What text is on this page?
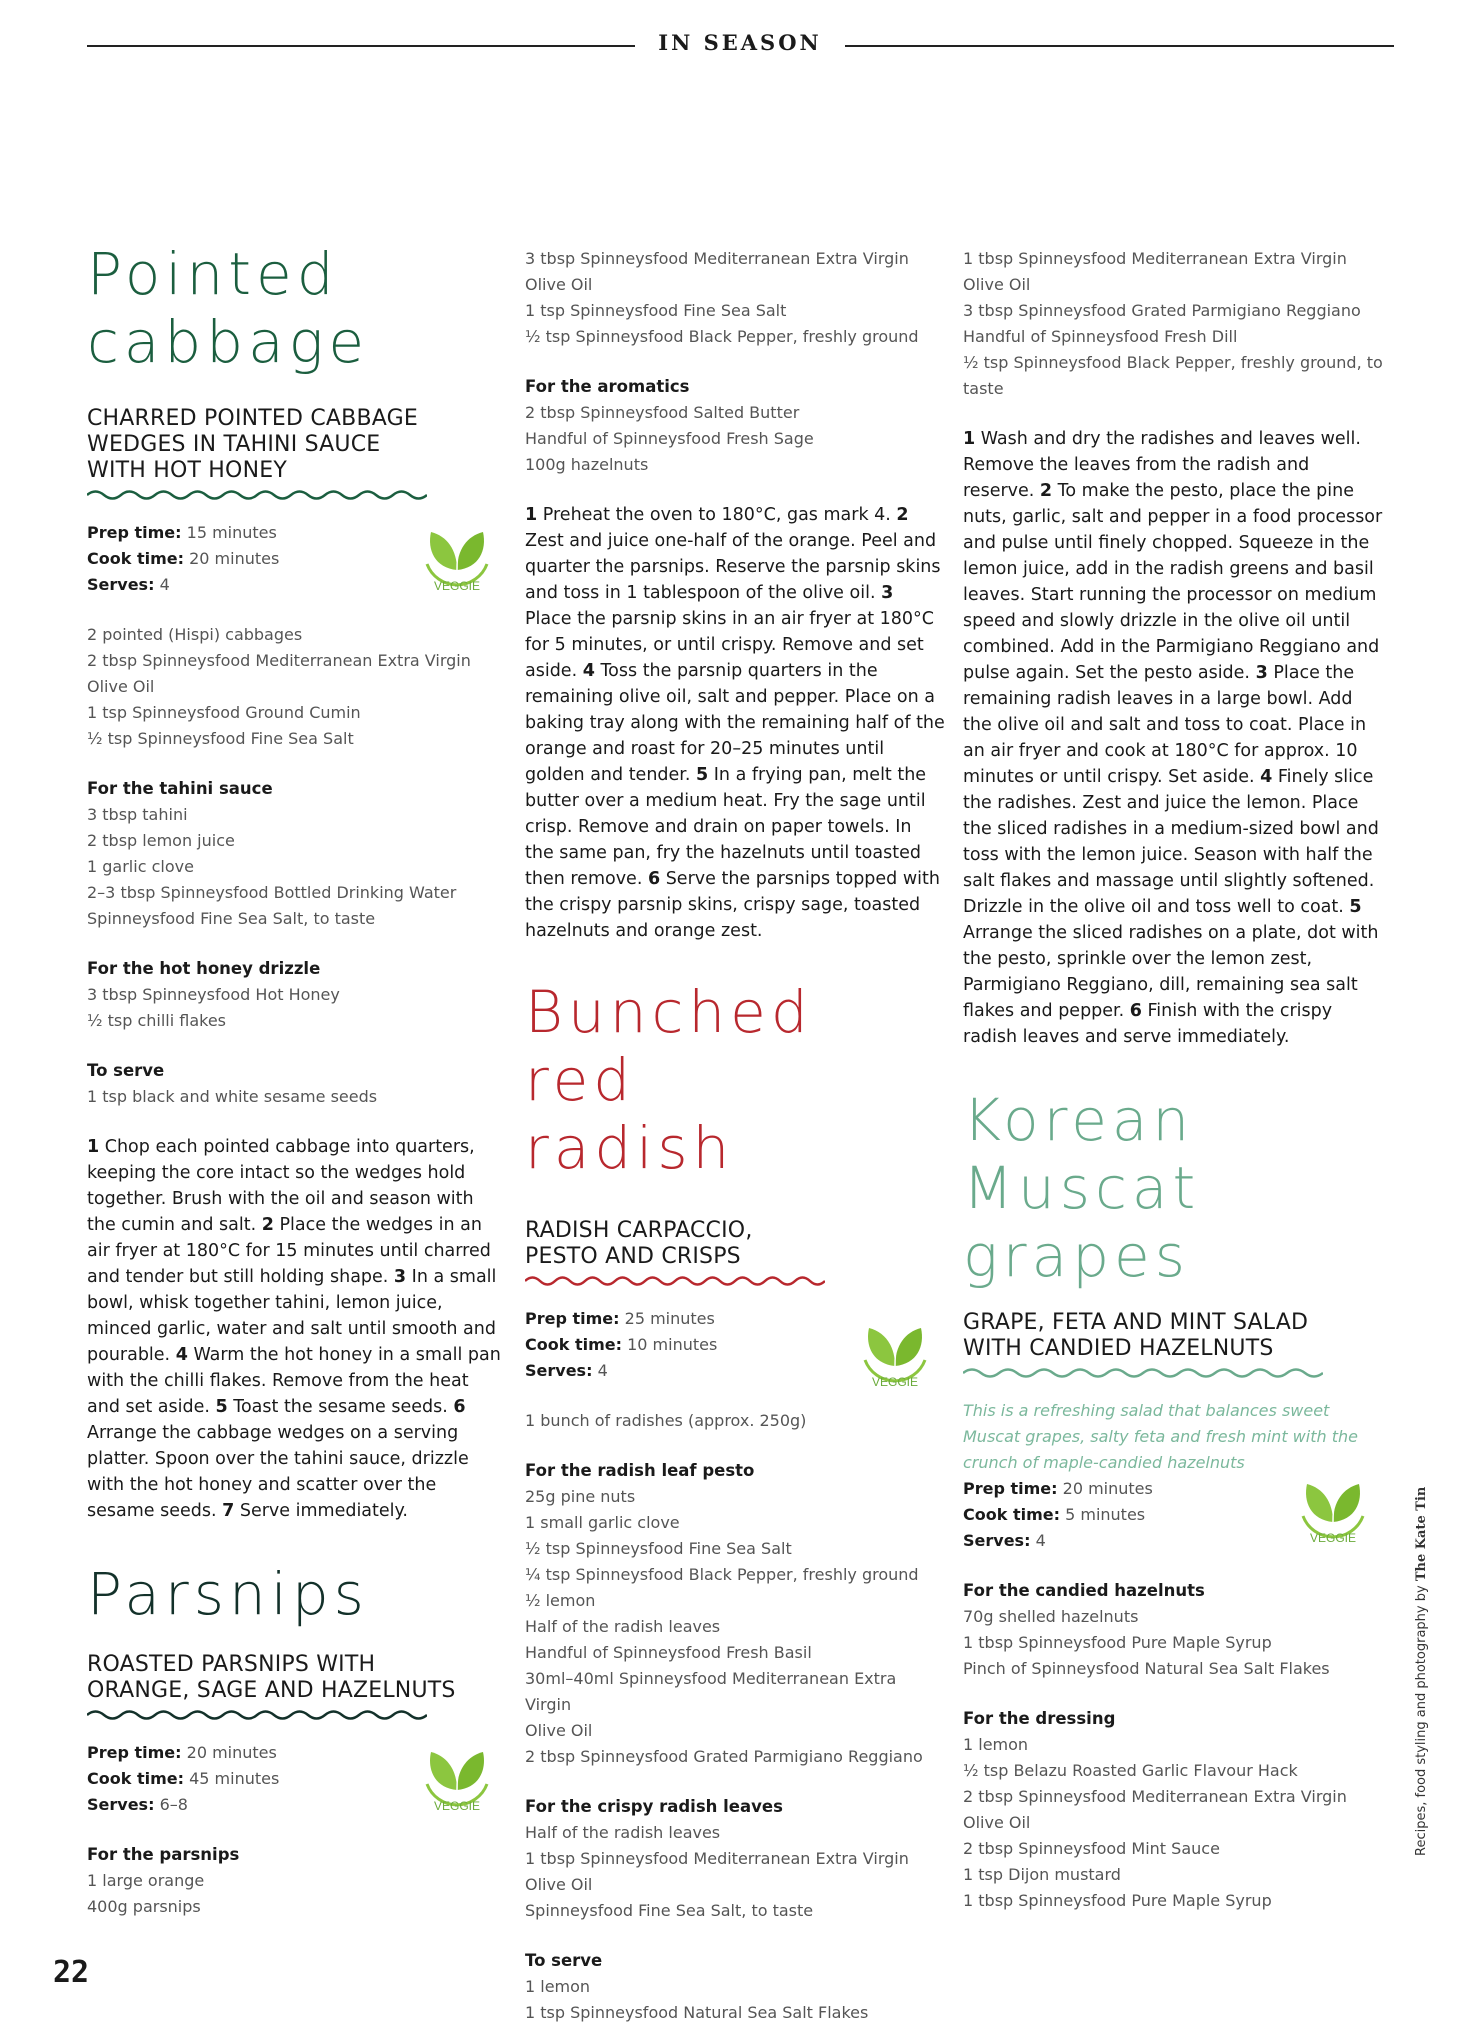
IN SEASON
Pointed
cabbage
CHARRED POINTED CABBAGE
WEDGES IN TAHINI SAUCE
WITH HOT HONEY
Prep time: 15 minutes
Cook time: 20 minutes
Serves: 4	VEGGIE

2 pointed (Hispi) cabbages

2 tbsp Spinneysfood Mediterranean Extra Virgin Olive Oil

1 tsp Spinneysfood Ground Cumin

½ tsp Spinneysfood Fine Sea Salt

For the tahini sauce

3 tbsp tahini

2 tbsp lemon juice

1 garlic clove

2–3 tbsp Spinneysfood Bottled Drinking Water

Spinneysfood Fine Sea Salt, to taste

For the hot honey drizzle

3 tbsp Spinneysfood Hot Honey

½ tsp chilli flakes

To serve

1 tsp black and white sesame seeds

1 Chop each pointed cabbage into quarters, keeping the core intact so the wedges hold together. Brush with the oil and season with the cumin and salt. 2 Place the wedges in an air fryer at 180°C for 15 minutes until charred and tender but still holding shape. 3 In a small bowl, whisk together tahini, lemon juice, minced garlic, water and salt until smooth and pourable. 4 Warm the hot honey in a small pan with the chilli flakes. Remove from the heat and set aside. 5 Toast the sesame seeds. 6 Arrange the cabbage wedges on a serving platter. Spoon over the tahini sauce, drizzle with the hot honey and scatter over the sesame seeds. 7 Serve immediately.

Parsnips
ROASTED PARSNIPS WITH
ORANGE, SAGE AND HAZELNUTS
Prep time: 20 minutes
Cook time: 45 minutes
Serves: 6–8	VEGGIE
For the parsnips

1 large orange

400g parsnips

3 tbsp Spinneysfood Mediterranean Extra Virgin Olive Oil

1 tsp Spinneysfood Fine Sea Salt

½ tsp Spinneysfood Black Pepper, freshly ground

For the aromatics

2 tbsp Spinneysfood Salted Butter

Handful of Spinneysfood Fresh Sage

100g hazelnuts

1 Preheat the oven to 180°C, gas mark 4. 2 Zest and juice one-half of the orange. Peel and quarter the parsnips. Reserve the parsnip skins and toss in 1 tablespoon of the olive oil. 3 Place the parsnip skins in an air fryer at 180°C for 5 minutes, or until crispy. Remove and set aside. 4 Toss the parsnip quarters in the remaining olive oil, salt and pepper. Place on a baking tray along with the remaining half of the orange and roast for 20–25 minutes until golden and tender. 5 In a frying pan, melt the butter over a medium heat. Fry the sage until crisp. Remove and drain on paper towels. In the same pan, fry the hazelnuts until toasted then remove. 6 Serve the parsnips topped with the crispy parsnip skins, crispy sage, toasted hazelnuts and orange zest.

Bunched red
radish
RADISH CARPACCIO,
PESTO AND CRISPS
Prep time: 25 minutes
Cook time: 10 minutes
Serves: 4
VEGGIE

1 bunch of radishes (approx. 250g)

For the radish leaf pesto

25g pine nuts

1 small garlic clove

½ tsp Spinneysfood Fine Sea Salt

¼ tsp Spinneysfood Black Pepper, freshly ground

½ lemon

Half of the radish leaves

Handful of Spinneysfood Fresh Basil

30ml–40ml Spinneysfood Mediterranean Extra Virgin

Olive Oil

2 tbsp Spinneysfood Grated Parmigiano Reggiano

For the crispy radish leaves

Half of the radish leaves

1 tbsp Spinneysfood Mediterranean Extra Virgin Olive Oil

Spinneysfood Fine Sea Salt, to taste

To serve

1 lemon

1 tsp Spinneysfood Natural Sea Salt Flakes

1 tbsp Spinneysfood Mediterranean Extra Virgin Olive Oil

3 tbsp Spinneysfood Grated Parmigiano Reggiano

Handful of Spinneysfood Fresh Dill

½ tsp Spinneysfood Black Pepper, freshly ground, to taste

1 Wash and dry the radishes and leaves well. Remove the leaves from the radish and reserve. 2 To make the pesto, place the pine nuts, garlic, salt and pepper in a food processor and pulse until finely chopped. Squeeze in the lemon juice, add in the radish greens and basil leaves. Start running the processor on medium speed and slowly drizzle in the olive oil until combined. Add in the Parmigiano Reggiano and pulse again. Set the pesto aside. 3 Place the remaining radish leaves in a large bowl. Add the olive oil and salt and toss to coat. Place in an air fryer and cook at 180°C for approx. 10 minutes or until crispy. Set aside. 4 Finely slice the radishes. Zest and juice the lemon. Place the sliced radishes in a medium-sized bowl and toss with the lemon juice. Season with half the salt flakes and massage until slightly softened. Drizzle in the olive oil and toss well to coat. 5 Arrange the sliced radishes on a plate, dot with the pesto, sprinkle over the lemon zest, Parmigiano Reggiano, dill, remaining sea salt flakes and pepper. 6 Finish with the crispy radish leaves and serve immediately.

Korean
Muscat
grapes
GRAPE, FETA AND MINT SALAD
WITH CANDIED HAZELNUTS

This is a refreshing salad that balances sweet Muscat grapes, salty feta and fresh mint with the crunch of maple-candied hazelnuts

Prep time: 20 minutes
Cook time: 5 minutes
Serves: 4	VEGGIE
For the candied hazelnuts

70g shelled hazelnuts

1 tbsp Spinneysfood Pure Maple Syrup

Pinch of Spinneysfood Natural Sea Salt Flakes

For the dressing

1 lemon

½ tsp Belazu Roasted Garlic Flavour Hack

2 tbsp Spinneysfood Mediterranean Extra Virgin Olive Oil

2 tbsp Spinneysfood Mint Sauce

1 tsp Dijon mustard

1 tbsp Spinneysfood Pure Maple Syrup

Recipes, food styling and photography by The Kate Tin
22
